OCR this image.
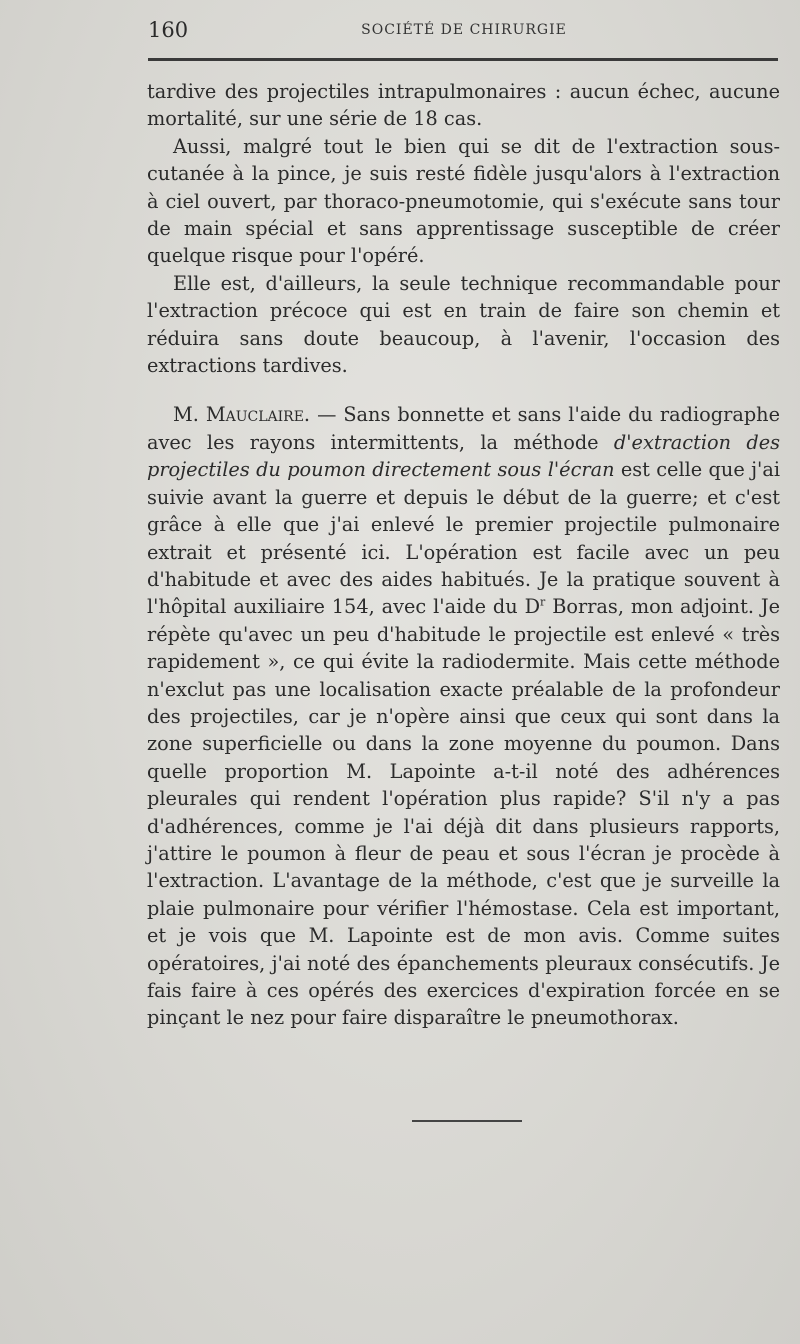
160	SOCIÉTÉ DE CHIRURGIE

tardive des projectiles intrapulmonaires : aucun échec, aucune mortalité, sur une série de 18 cas.

Aussi, malgré tout le bien qui se dit de l'extraction sous-cutanée à la pince, je suis resté fidèle jusqu'alors à l'extraction à ciel ouvert, par thoraco-pneumotomie, qui s'exécute sans tour de main spécial et sans apprentissage susceptible de créer quelque risque pour l'opéré.

Elle est, d'ailleurs, la seule technique recommandable pour l'extraction précoce qui est en train de faire son chemin et réduira sans doute beaucoup, à l'avenir, l'occasion des extractions tardives.

M. Mauclaire. — Sans bonnette et sans l'aide du radiographe avec les rayons intermittents, la méthode d'extraction des projectiles du poumon directement sous l'écran est celle que j'ai suivie avant la guerre et depuis le début de la guerre; et c'est grâce à elle que j'ai enlevé le premier projectile pulmonaire extrait et présenté ici. L'opération est facile avec un peu d'habitude et avec des aides habitués. Je la pratique souvent à l'hôpital auxiliaire 154, avec l'aide du $D^r$ Borras, mon adjoint. Je répète qu'avec un peu d'habitude le projectile est enlevé « très rapidement », ce qui évite la radiodermite. Mais cette méthode n'exclut pas une localisation exacte préalable de la profondeur des projectiles, car je n'opère ainsi que ceux qui sont dans la zone superficielle ou dans la zone moyenne du poumon. Dans quelle proportion M. Lapointe a-t-il noté des adhérences pleurales qui rendent l'opération plus rapide? S'il n'y a pas d'adhérences, comme je l'ai déjà dit dans plusieurs rapports, j'attire le poumon à fleur de peau et sous l'écran je procède à l'extraction. L'avantage de la méthode, c'est que je surveille la plaie pulmonaire pour vérifier l'hémostase. Cela est important, et je vois que M. Lapointe est de mon avis. Comme suites opératoires, j'ai noté des épanchements pleuraux consécutifs. Je fais faire à ces opérés des exercices d'expiration forcée en se pinçant le nez pour faire disparaître le pneumothorax.
